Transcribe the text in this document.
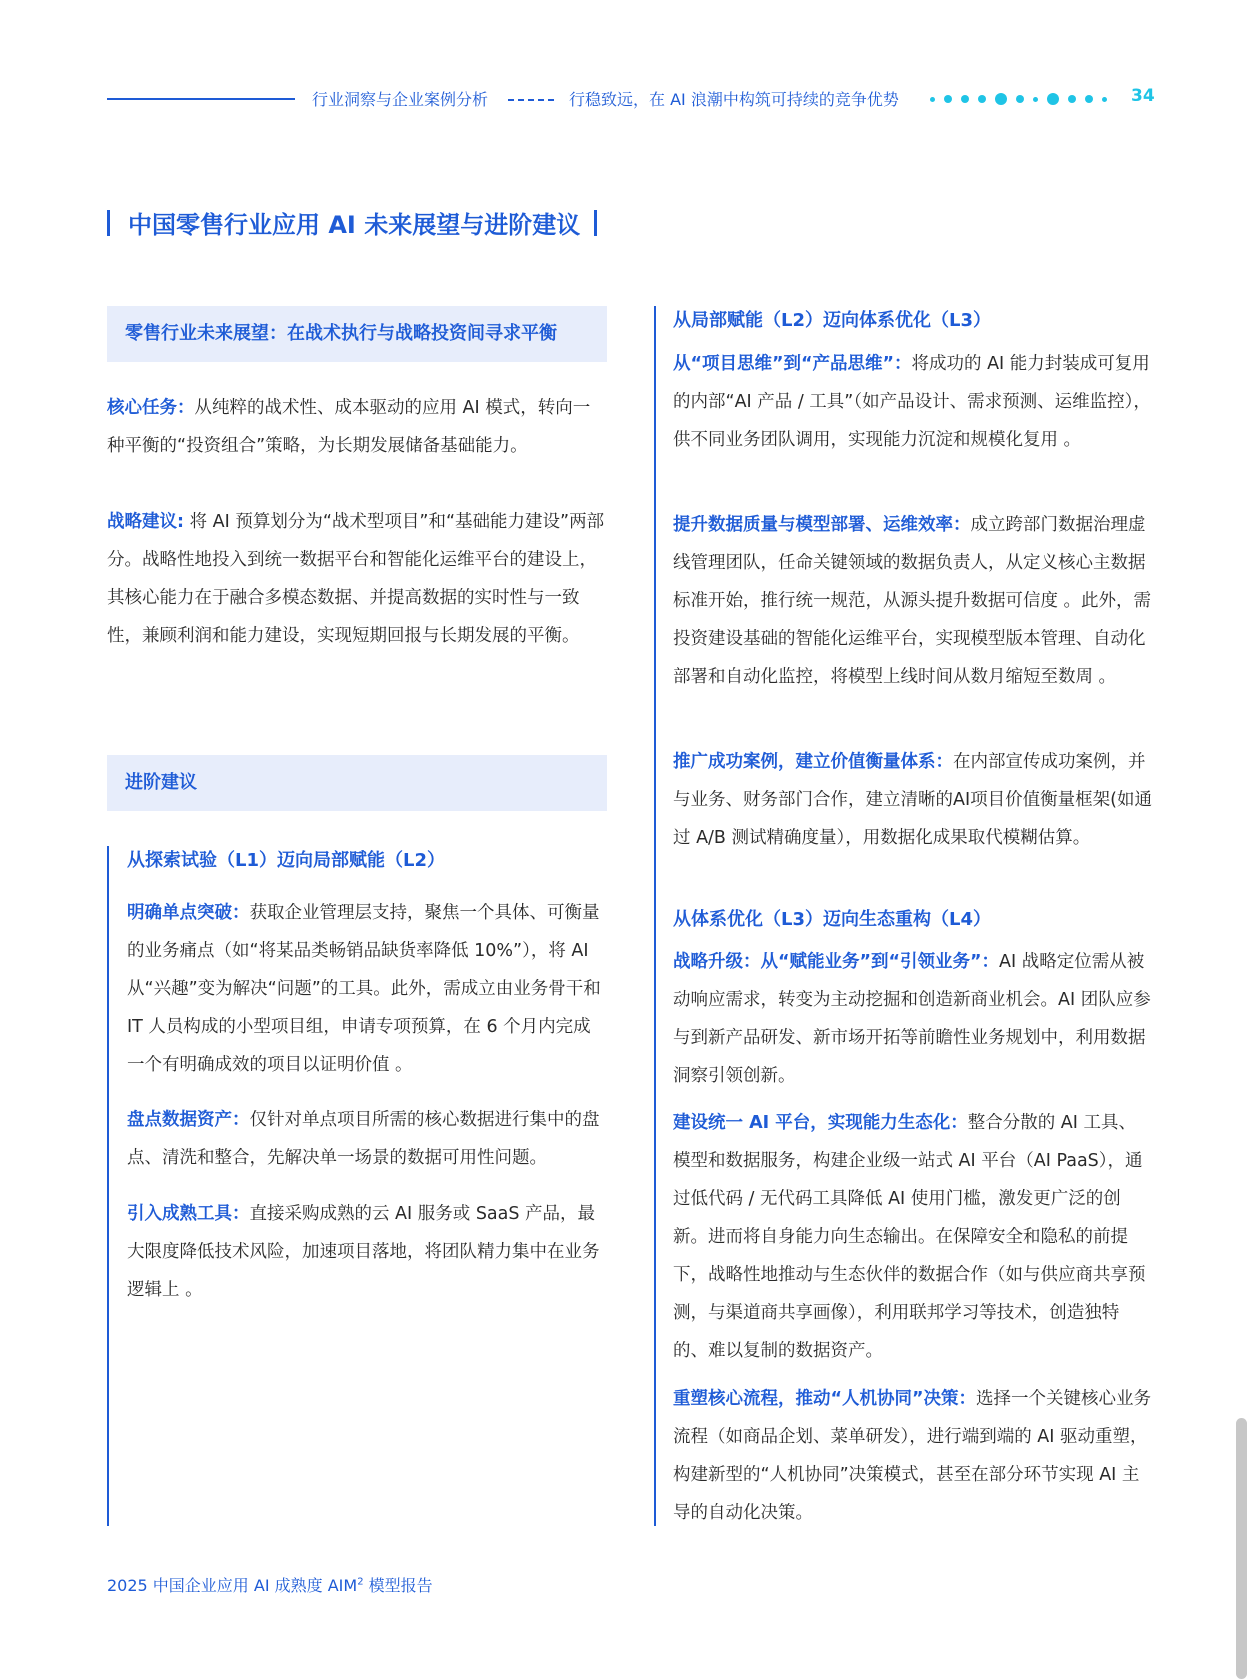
行业洞察与企业案例分析	行稳致远，在 AI 浪潮中构筑可持续的竞争优势	34
中国零售行业应用 AI 未来展望与进阶建议
零售行业未来展望：在战术执行与战略投资间寻求平衡
核心任务：从纯粹的战术性、成本驱动的应用 AI 模式，转向一种平衡的“投资组合”策略，为长期发展储备基础能力。
战略建议: 将 AI 预算划分为“战术型项目”和“基础能力建设”两部分。战略性地投入到统一数据平台和智能化运维平台的建设上，其核心能力在于融合多模态数据、并提高数据的实时性与一致性，兼顾利润和能力建设，实现短期回报与长期发展的平衡。
进阶建议
从探索试验（L1）迈向局部赋能（L2）
明确单点突破：获取企业管理层支持，聚焦一个具体、可衡量的业务痛点（如“将某品类畅销品缺货率降低 10%”），将 AI 从“兴趣”变为解决“问题”的工具。此外，需成立由业务骨干和 IT 人员构成的小型项目组，申请专项预算，在 6 个月内完成一个有明确成效的项目以证明价值 。
盘点数据资产：仅针对单点项目所需的核心数据进行集中的盘点、清洗和整合，先解决单一场景的数据可用性问题。
引入成熟工具：直接采购成熟的云 AI 服务或 SaaS 产品，最大限度降低技术风险，加速项目落地，将团队精力集中在业务逻辑上 。
从局部赋能（L2）迈向体系优化（L3）
从“项目思维”到“产品思维”：将成功的 AI 能力封装成可复用的内部“AI 产品 / 工具”（如产品设计、需求预测、运维监控），供不同业务团队调用，实现能力沉淀和规模化复用 。
提升数据质量与模型部署、运维效率：成立跨部门数据治理虚线管理团队，任命关键领域的数据负责人，从定义核心主数据标准开始，推行统一规范，从源头提升数据可信度 。此外，需投资建设基础的智能化运维平台，实现模型版本管理、自动化部署和自动化监控，将模型上线时间从数月缩短至数周 。
推广成功案例，建立价值衡量体系：在内部宣传成功案例，并与业务、财务部门合作，建立清晰的AI项目价值衡量框架(如通过 A/B 测试精确度量），用数据化成果取代模糊估算。
从体系优化（L3）迈向生态重构（L4）
战略升级：从“赋能业务”到“引领业务”：AI 战略定位需从被动响应需求，转变为主动挖掘和创造新商业机会。AI 团队应参与到新产品研发、新市场开拓等前瞻性业务规划中，利用数据洞察引领创新。
建设统一 AI 平台，实现能力生态化：整合分散的 AI 工具、模型和数据服务，构建企业级一站式 AI 平台（AI PaaS），通过低代码 / 无代码工具降低 AI 使用门槛，激发更广泛的创新。进而将自身能力向生态输出。在保障安全和隐私的前提下，战略性地推动与生态伙伴的数据合作（如与供应商共享预测，与渠道商共享画像），利用联邦学习等技术，创造独特的、难以复制的数据资产。
重塑核心流程，推动“人机协同”决策：选择一个关键核心业务流程（如商品企划、菜单研发），进行端到端的 AI 驱动重塑，构建新型的“人机协同”决策模式，甚至在部分环节实现 AI 主导的自动化决策。
2025 中国企业应用 AI 成熟度 AIM$^2$ 模型报告
